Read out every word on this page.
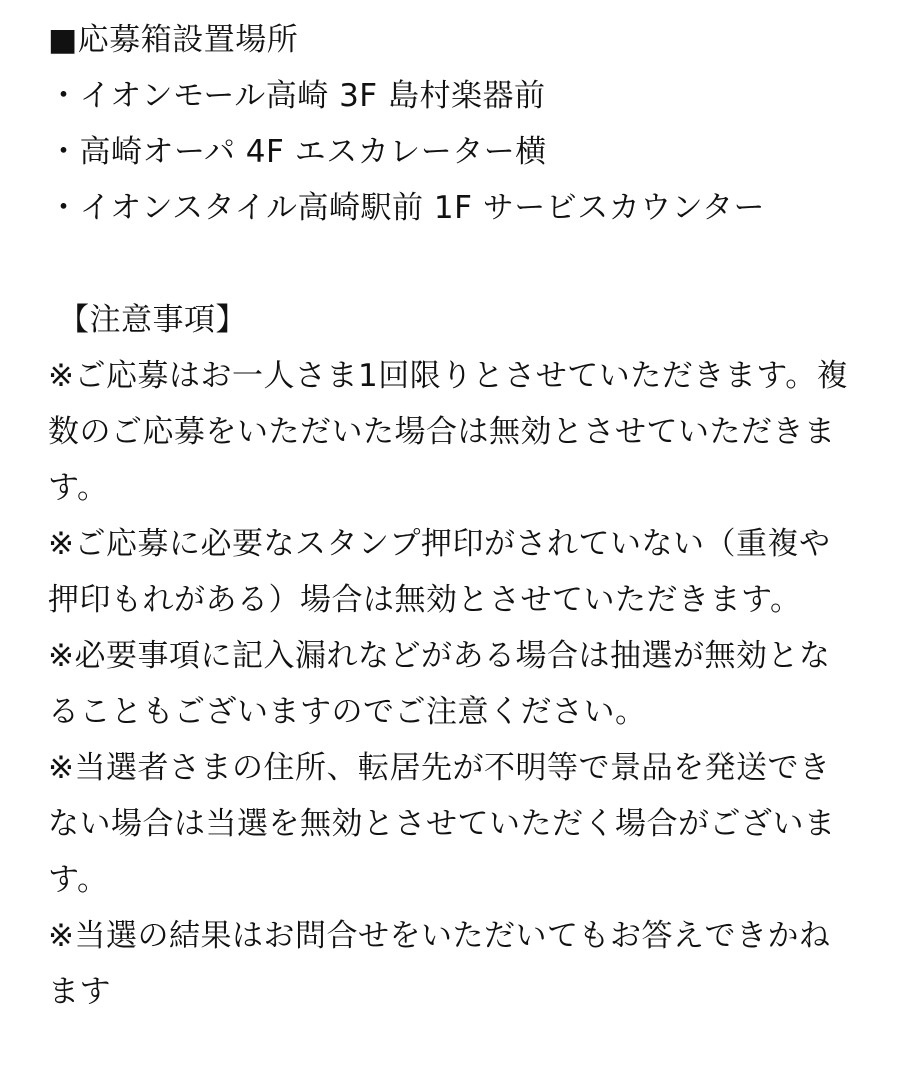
■応募箱設置場所
・イオンモール高崎 3F 島村楽器前
・高崎オーパ 4F エスカレーター横
・イオンスタイル高崎駅前 1F サービスカウンター
【注意事項】
※ご応募はお一人さま1回限りとさせていただきます。複
数のご応募をいただいた場合は無効とさせていただきま
す。
※ご応募に必要なスタンプ押印がされていない（重複や
押印もれがある）場合は無効とさせていただきます。
※必要事項に記入漏れなどがある場合は抽選が無効とな
ることもございますのでご注意ください。
※当選者さまの住所、転居先が不明等で景品を発送でき
ない場合は当選を無効とさせていただく場合がございま
す。
※当選の結果はお問合せをいただいてもお答えできかね
ます
